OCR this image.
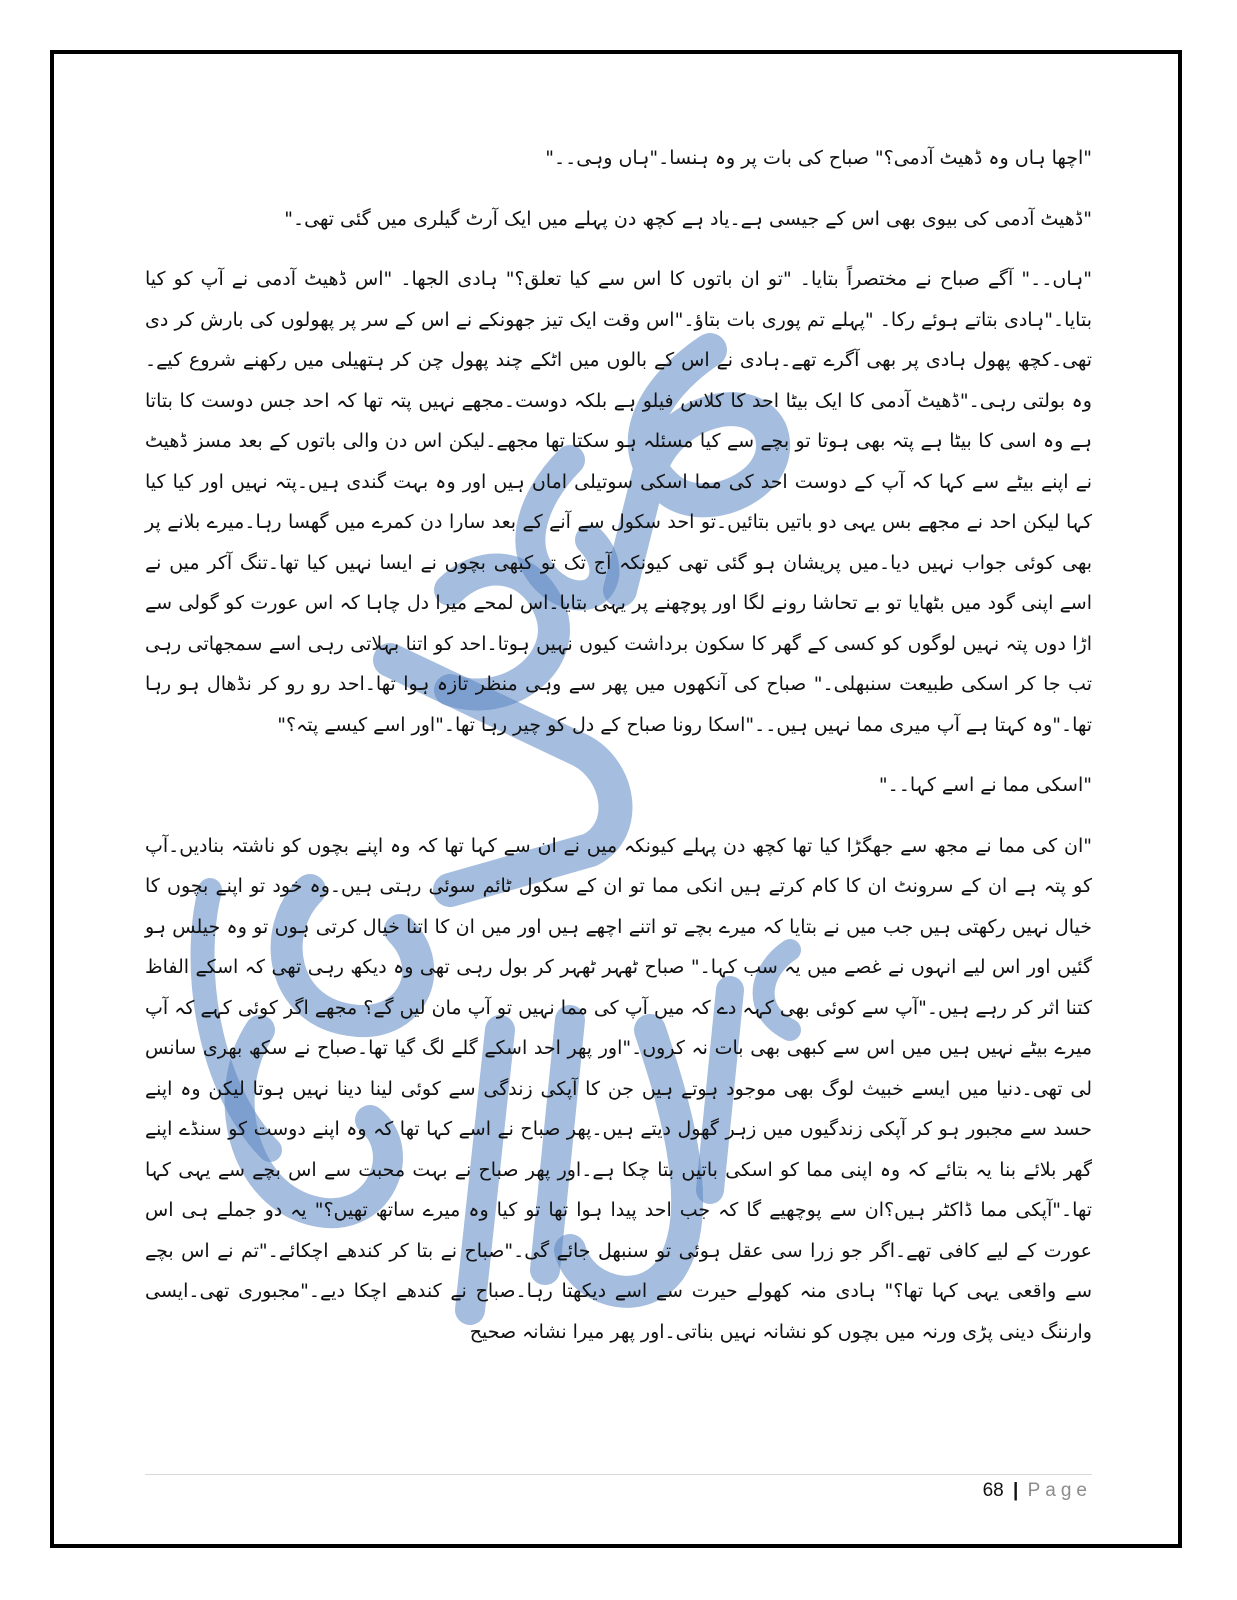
"اچھا ہاں وہ ڈھیٹ آدمی؟" صباح کی بات پر وہ ہنسا۔"ہاں وہی۔۔"

"ڈھیٹ آدمی کی بیوی بھی اس کے جیسی ہے۔یاد ہے کچھ دن پہلے میں ایک آرٹ گیلری میں گئی تھی۔"

"ہاں۔۔" آگے صباح نے مختصراً بتایا۔ "تو ان باتوں کا اس سے کیا تعلق؟" ہادی الجھا۔ "اس ڈھیٹ آدمی نے آپ کو کیا بتایا۔"ہادی بتاتے ہوئے رکا۔ "پہلے تم پوری بات بتاؤ۔"اس وقت ایک تیز جھونکے نے اس کے سر پر پھولوں کی بارش کر دی تھی۔کچھ پھول ہادی پر بھی آگرے تھے۔ہادی نے اس کے بالوں میں اٹکے چند پھول چن کر ہتھیلی میں رکھنے شروع کیے۔وہ بولتی رہی۔"ڈھیٹ آدمی کا ایک بیٹا احد کا کلاس فیلو ہے بلکہ دوست۔مجھے نہیں پتہ تھا کہ احد جس دوست کا بتاتا ہے وہ اسی کا بیٹا ہے پتہ بھی ہوتا تو بچے سے کیا مسئلہ ہو سکتا تھا مجھے۔لیکن اس دن والی باتوں کے بعد مسز ڈھیٹ نے اپنے بیٹے سے کہا کہ آپ کے دوست احد کی مما اسکی سوتیلی اماں ہیں اور وہ بہت گندی ہیں۔پتہ نہیں اور کیا کیا کہا لیکن احد نے مجھے بس یہی دو باتیں بتائیں۔تو احد سکول سے آنے کے بعد سارا دن کمرے میں گھسا رہا۔میرے بلانے پر بھی کوئی جواب نہیں دیا۔میں پریشان ہو گئی تھی کیونکہ آج تک تو کبھی بچوں نے ایسا نہیں کیا تھا۔تنگ آکر میں نے اسے اپنی گود میں بٹھایا تو بے تحاشا رونے لگا اور پوچھنے پر یہی بتایا۔اس لمحے میرا دل چاہا کہ اس عورت کو گولی سے اڑا دوں پتہ نہیں لوگوں کو کسی کے گھر کا سکون برداشت کیوں نہیں ہوتا۔احد کو اتنا بہلاتی رہی اسے سمجھاتی رہی تب جا کر اسکی طبیعت سنبھلی۔" صباح کی آنکھوں میں پھر سے وہی منظر تازہ ہوا تھا۔احد رو رو کر نڈھال ہو رہا تھا۔"وہ کہتا ہے آپ میری مما نہیں ہیں۔۔"اسکا رونا صباح کے دل کو چیر رہا تھا۔"اور اسے کیسے پتہ؟"

"اسکی مما نے اسے کہا۔۔"

"ان کی مما نے مجھ سے جھگڑا کیا تھا کچھ دن پہلے کیونکہ میں نے ان سے کہا تھا کہ وہ اپنے بچوں کو ناشتہ بنادیں۔آپ کو پتہ ہے ان کے سرونٹ ان کا کام کرتے ہیں انکی مما تو ان کے سکول ٹائم سوئی رہتی ہیں۔وہ خود تو اپنے بچوں کا خیال نہیں رکھتی ہیں جب میں نے بتایا کہ میرے بچے تو اتنے اچھے ہیں اور میں ان کا اتنا خیال کرتی ہوں تو وہ جیلس ہو گئیں اور اس لیے انہوں نے غصے میں یہ سب کہا۔" صباح ٹھہر ٹھہر کر بول رہی تھی وہ دیکھ رہی تھی کہ اسکے الفاظ کتنا اثر کر رہے ہیں۔"آپ سے کوئی بھی کہہ دے کہ میں آپ کی مما نہیں تو آپ مان لیں گے؟ مجھے اگر کوئی کہے کہ آپ میرے بیٹے نہیں ہیں میں اس سے کبھی بھی بات نہ کروں۔"اور پھر احد اسکے گلے لگ گیا تھا۔صباح نے سکھ بھری سانس لی تھی۔دنیا میں ایسے خبیث لوگ بھی موجود ہوتے ہیں جن کا آپکی زندگی سے کوئی لینا دینا نہیں ہوتا لیکن وہ اپنے حسد سے مجبور ہو کر آپکی زندگیوں میں زہر گھول دیتے ہیں۔پھر صباح نے اسے کہا تھا کہ وہ اپنے دوست کو سنڈے اپنے گھر بلائے بنا یہ بتائے کہ وہ اپنی مما کو اسکی باتیں بتا چکا ہے۔اور پھر صباح نے بہت محبت سے اس بچے سے یہی کہا تھا۔"آپکی مما ڈاکٹر ہیں؟ان سے پوچھیے گا کہ جب احد پیدا ہوا تھا تو کیا وہ میرے ساتھ تھیں؟" یہ دو جملے ہی اس عورت کے لیے کافی تھے۔اگر جو زرا سی عقل ہوئی تو سنبھل جائے گی۔"صباح نے بتا کر کندھے اچکائے۔"تم نے اس بچے سے واقعی یہی کہا تھا؟" ہادی منہ کھولے حیرت سے اسے دیکھتا رہا۔صباح نے کندھے اچکا دیے۔"مجبوری تھی۔ایسی وارننگ دینی پڑی ورنہ میں بچوں کو نشانہ نہیں بناتی۔اور پھر میرا نشانہ صحیح

68 | Page
